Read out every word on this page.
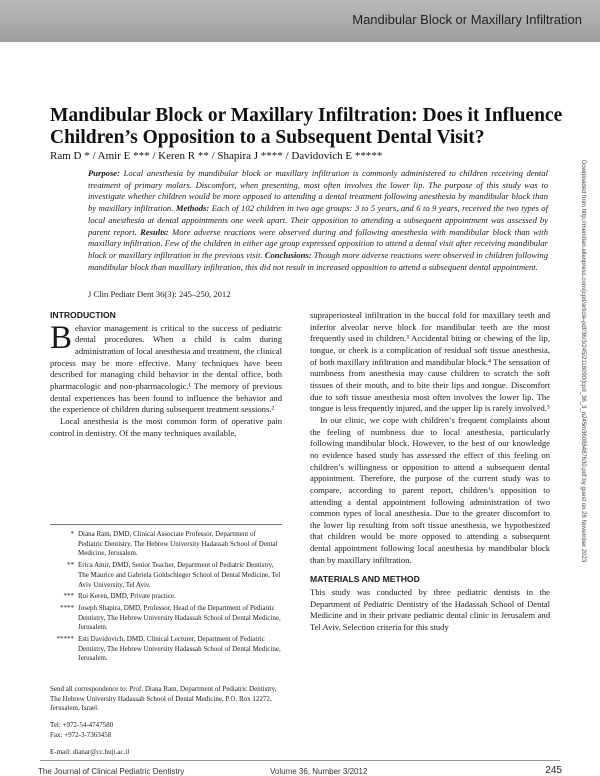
Mandibular Block or Maxillary Infiltration
Downloaded from http://meridian.allenpress.com/jcpd/article-pdf/36/3/245/2118090/jcpd_36_3_n245m36088487630.pdf by guest on 28 November 2023
Mandibular Block or Maxillary Infiltration: Does it Influence Children’s Opposition to a Subsequent Dental Visit?
Ram D * / Amir E *** / Keren R ** / Shapira J **** / Davidovich E *****
Purpose: Local anesthesia by mandibular block or maxillary infiltration is commonly administered to children receiving dental treatment of primary molars. Discomfort, when presenting, most often involves the lower lip. The purpose of this study was to investigate whether children would be more opposed to attending a dental treatment following anesthesia by mandibular block than by maxillary infiltration. Methods: Each of 102 children in two age groups: 3 to 5 years, and 6 to 9 years, received the two types of local anesthesia at dental appointments one week apart. Their opposition to attending a subsequent appointment was assessed by parent report. Results: More adverse reactions were observed during and following anesthesia with mandibular block than with maxillary infiltration. Few of the children in either age group expressed opposition to attend a dental visit after receiving mandibular block or maxillary infiltration in the previous visit. Conclusions: Though more adverse reactions were observed in children following mandibular block than maxillary infiltration, this did not result in increased opposition to attend a subsequent dental appointment.
J Clin Pediatr Dent 36(3): 245–250, 2012
INTRODUCTION

Behavior management is critical to the success of pediatric dental procedures. When a child is calm during administration of local anesthesia and treatment, the clinical process may be more effective. Many techniques have been described for managing child behavior in the dental office, both pharmacologic and non-pharmacologic.¹ The memory of previous dental experiences has been found to influence the behavior and the experience of children during subsequent treatment sessions.²

Local anesthesia is the most common form of operative pain control in dentistry. Of the many techniques available,

* Diana Ram, DMD, Clinical Associate Professor, Department of Pediatric Dentistry, The Hebrew University Hadassah School of Dental Medicine, Jerusalem.
** Erica Amir, DMD, Senior Teacher, Department of Pediatric Dentistry, The Maurice and Gabriela Goldschleger School of Dental Medicine, Tel Aviv University, Tel Aviv.
*** Roi Keren, DMD, Private practice.
**** Joseph Shapira, DMD, Professor, Head of the Department of Pediatric Dentistry, The Hebrew University Hadassah School of Dental Medicine, Jerusalem.
***** Esti Davidovich, DMD, Clinical Lecturer, Department of Pediatric Dentistry, The Hebrew University Hadassah School of Dental Medicine, Jerusalem.
Send all correspondence to: Prof. Diana Ram, Department of Pediatric Dentistry, The Hebrew University Hadassah School of Dental Medicine, P.O. Box 12272, Jerusalem, Israel.
Tel: +972-54-4747580
Fax: +972-3-7363458
E-mail: dianar@cc.huji.ac.il

supraperiosteal infiltration in the buccal fold for maxillary teeth and inferior alveolar nerve block for mandibular teeth are the most frequently used in children.³ Accidental biting or chewing of the lip, tongue, or cheek is a complication of residual soft tissue anesthesia, of both maxillary infiltration and mandibular block.⁴ The sensation of numbness from anesthesia may cause children to scratch the soft tissues of their mouth, and to bite their lips and tongue. Discomfort due to soft tissue anesthesia most often involves the lower lip. The tongue is less frequently injured, and the upper lip is rarely involved.⁵

In our clinic, we cope with children’s frequent complaints about the feeling of numbness due to local anesthesia, particularly following mandibular block. However, to the best of our knowledge no evidence based study has assessed the effect of this feeling on children’s willingness or opposition to attend a subsequent dental appointment. Therefore, the purpose of the current study was to compare, according to parent report, children’s opposition to attending a dental appointment following administration of two common types of local anesthesia. Due to the greater discomfort to the lower lip resulting from soft tissue anesthesia, we hypothesized that children would be more opposed to attending a subsequent dental appointment following local anesthesia by mandibular block than by maxillary infiltration.

MATERIALS AND METHOD

This study was conducted by three pediatric dentists in the Department of Pediatric Dentistry of the Hadassah School of Dental Medicine and in their private pediatric dental clinic in Jerusalem and Tel Aviv. Selection criteria for this study

The Journal of Clinical Pediatric Dentistry	Volume 36, Number 3/2012	245
